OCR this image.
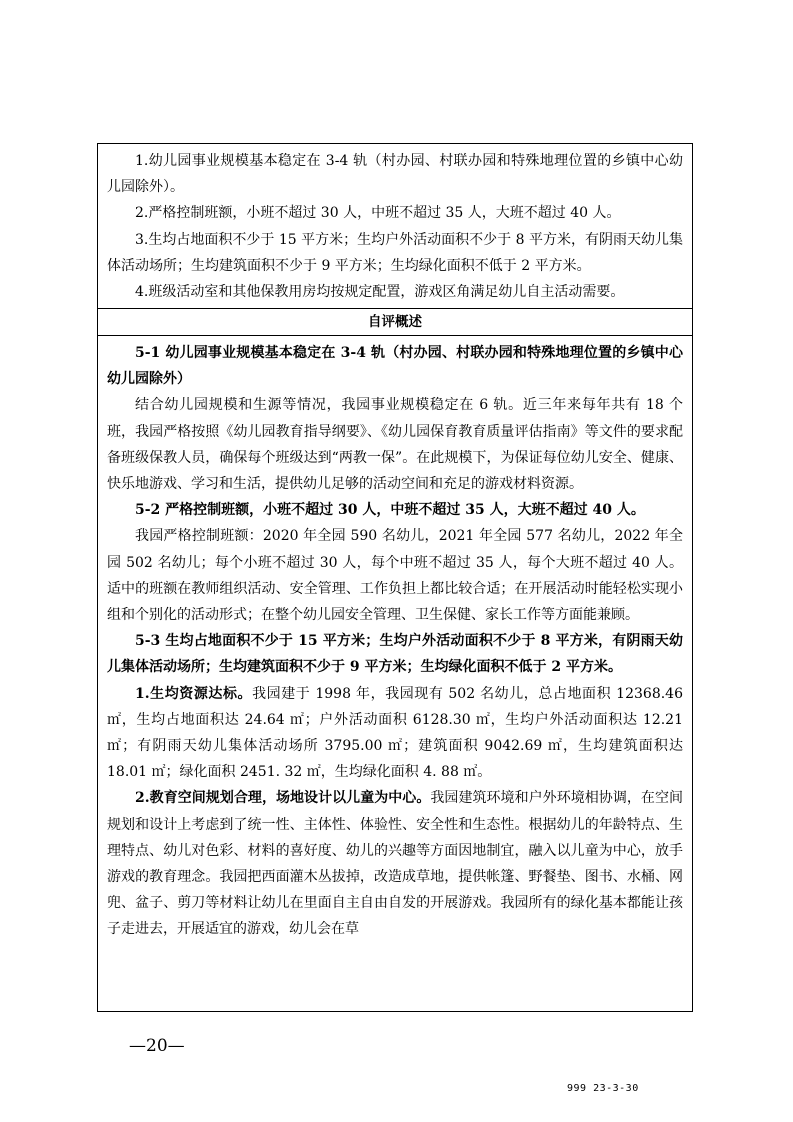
1.幼儿园事业规模基本稳定在 3-4 轨（村办园、村联办园和特殊地理位置的乡镇中心幼儿园除外）。

2.严格控制班额，小班不超过 30 人，中班不超过 35 人，大班不超过 40 人。

3.生均占地面积不少于 15 平方米；生均户外活动面积不少于 8 平方米，有阴雨天幼儿集体活动场所；生均建筑面积不少于 9 平方米；生均绿化面积不低于 2 平方米。

4.班级活动室和其他保教用房均按规定配置，游戏区角满足幼儿自主活动需要。

自评概述

5-1 幼儿园事业规模基本稳定在 3-4 轨（村办园、村联办园和特殊地理位置的乡镇中心幼儿园除外）

结合幼儿园规模和生源等情况，我园事业规模稳定在 6 轨。近三年来每年共有 18 个班，我园严格按照《幼儿园教育指导纲要》、《幼儿园保育教育质量评估指南》等文件的要求配备班级保教人员，确保每个班级达到“两教一保”。在此规模下，为保证每位幼儿安全、健康、快乐地游戏、学习和生活，提供幼儿足够的活动空间和充足的游戏材料资源。

5-2 严格控制班额，小班不超过 30 人，中班不超过 35 人，大班不超过 40 人。

我园严格控制班额：2020 年全园 590 名幼儿，2021 年全园 577 名幼儿，2022 年全园 502 名幼儿；每个小班不超过 30 人，每个中班不超过 35 人，每个大班不超过 40 人。适中的班额在教师组织活动、安全管理、工作负担上都比较合适；在开展活动时能轻松实现小组和个别化的活动形式；在整个幼儿园安全管理、卫生保健、家长工作等方面能兼顾。

5-3 生均占地面积不少于 15 平方米；生均户外活动面积不少于 8 平方米，有阴雨天幼儿集体活动场所；生均建筑面积不少于 9 平方米；生均绿化面积不低于 2 平方米。

1.生均资源达标。我园建于 1998 年，我园现有 502 名幼儿，总占地面积 12368.46 ㎡，生均占地面积达 24.64 ㎡；户外活动面积 6128.30 ㎡，生均户外活动面积达 12.21 ㎡；有阴雨天幼儿集体活动场所 3795.00 ㎡；建筑面积 9042.69 ㎡，生均建筑面积达 18.01 ㎡；绿化面积 2451. 32 ㎡，生均绿化面积 4. 88 ㎡。

2.教育空间规划合理，场地设计以儿童为中心。我园建筑环境和户外环境相协调，在空间规划和设计上考虑到了统一性、主体性、体验性、安全性和生态性。根据幼儿的年龄特点、生理特点、幼儿对色彩、材料的喜好度、幼儿的兴趣等方面因地制宜，融入以儿童为中心，放手游戏的教育理念。我园把西面灌木丛拔掉，改造成草地，提供帐篷、野餐垫、图书、水桶、网兜、盆子、剪刀等材料让幼儿在里面自主自由自发的开展游戏。我园所有的绿化基本都能让孩子走进去，开展适宜的游戏，幼儿会在草

—20—
999 23-3-30
